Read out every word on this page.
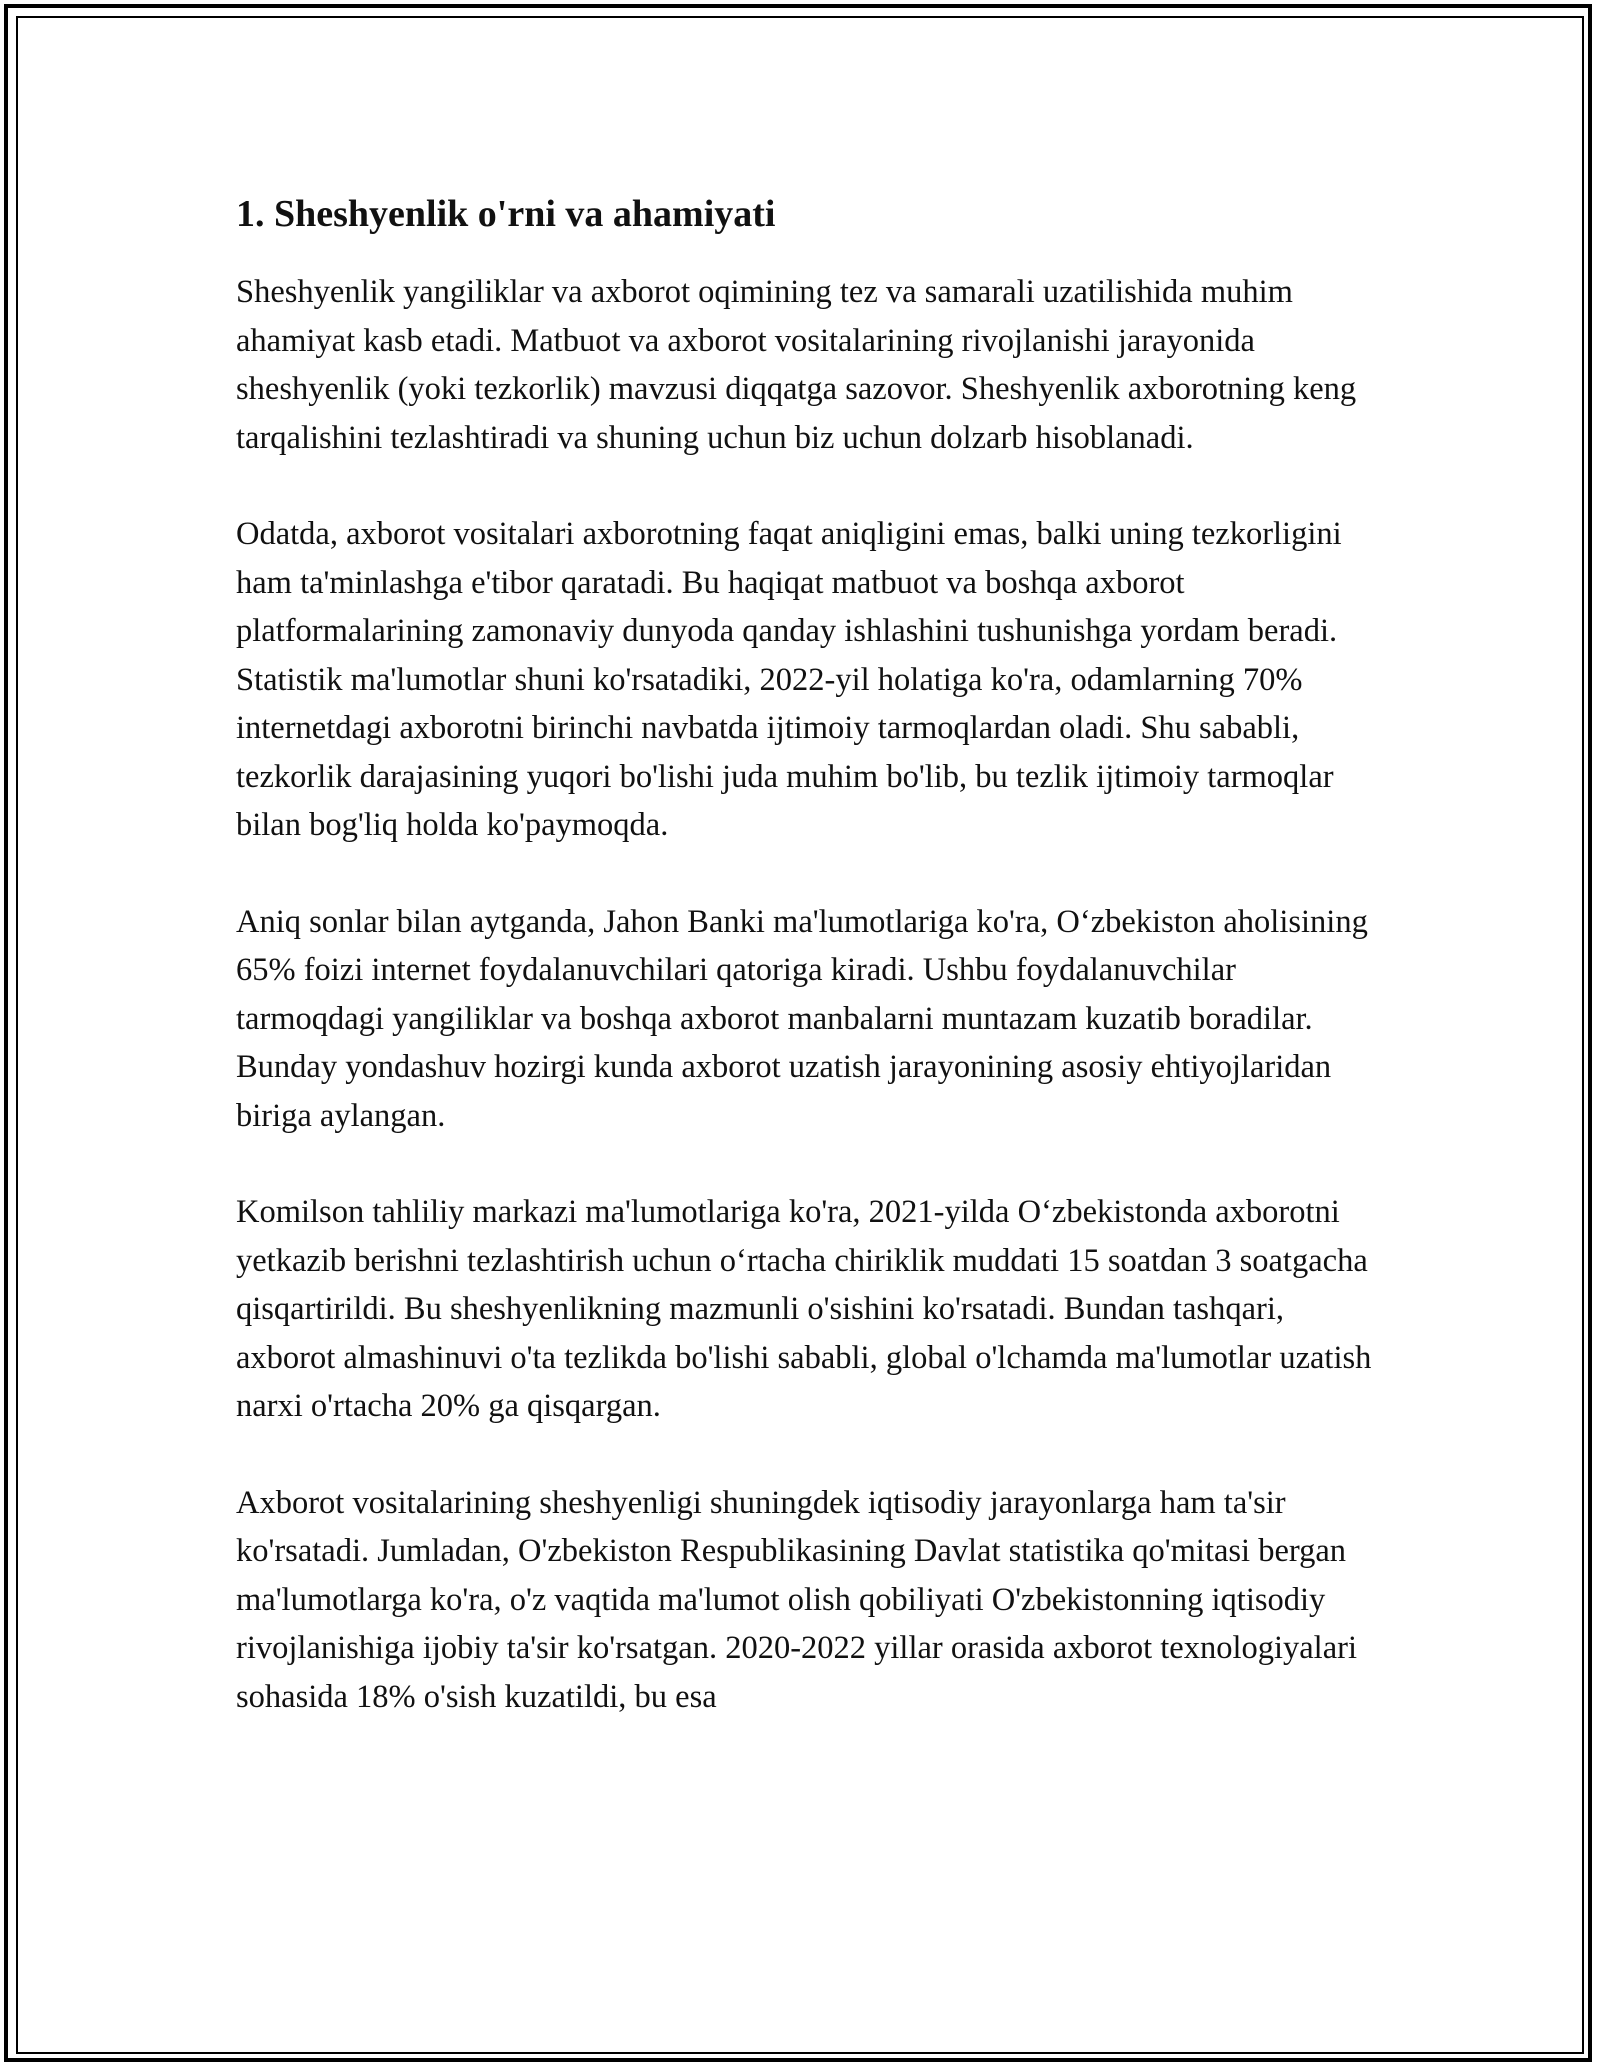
1. Sheshyenlik o'rni va ahamiyati

Sheshyenlik yangiliklar va axborot oqimining tez va samarali uzatilishida muhim ahamiyat kasb etadi. Matbuot va axborot vositalarining rivojlanishi jarayonida sheshyenlik (yoki tezkorlik) mavzusi diqqatga sazovor. Sheshyenlik axborotning keng tarqalishini tezlashtiradi va shuning uchun biz uchun dolzarb hisoblanadi.

Odatda, axborot vositalari axborotning faqat aniqligini emas, balki uning tezkorligini ham ta'minlashga e'tibor qaratadi. Bu haqiqat matbuot va boshqa axborot platformalarining zamonaviy dunyoda qanday ishlashini tushunishga yordam beradi. Statistik ma'lumotlar shuni ko'rsatadiki, 2022-yil holatiga ko'ra, odamlarning 70% internetdagi axborotni birinchi navbatda ijtimoiy tarmoqlardan oladi. Shu sababli, tezkorlik darajasining yuqori bo'lishi juda muhim bo'lib, bu tezlik ijtimoiy tarmoqlar bilan bog'liq holda ko'paymoqda.

Aniq sonlar bilan aytganda, Jahon Banki ma'lumotlariga ko'ra, O‘zbekiston aholisining 65% foizi internet foydalanuvchilari qatoriga kiradi. Ushbu foydalanuvchilar tarmoqdagi yangiliklar va boshqa axborot manbalarni muntazam kuzatib boradilar. Bunday yondashuv hozirgi kunda axborot uzatish jarayonining asosiy ehtiyojlaridan biriga aylangan.

Komilson tahliliy markazi ma'lumotlariga ko'ra, 2021-yilda O‘zbekistonda axborotni yetkazib berishni tezlashtirish uchun o‘rtacha chiriklik muddati 15 soatdan 3 soatgacha qisqartirildi. Bu sheshyenlikning mazmunli o'sishini ko'rsatadi. Bundan tashqari, axborot almashinuvi o'ta tezlikda bo'lishi sababli, global o'lchamda ma'lumotlar uzatish narxi o'rtacha 20% ga qisqargan.

Axborot vositalarining sheshyenligi shuningdek iqtisodiy jarayonlarga ham ta'sir ko'rsatadi. Jumladan, O'zbekiston Respublikasining Davlat statistika qo'mitasi bergan ma'lumotlarga ko'ra, o'z vaqtida ma'lumot olish qobiliyati O'zbekistonning iqtisodiy rivojlanishiga ijobiy ta'sir ko'rsatgan. 2020-2022 yillar orasida axborot texnologiyalari sohasida 18% o'sish kuzatildi, bu esa
